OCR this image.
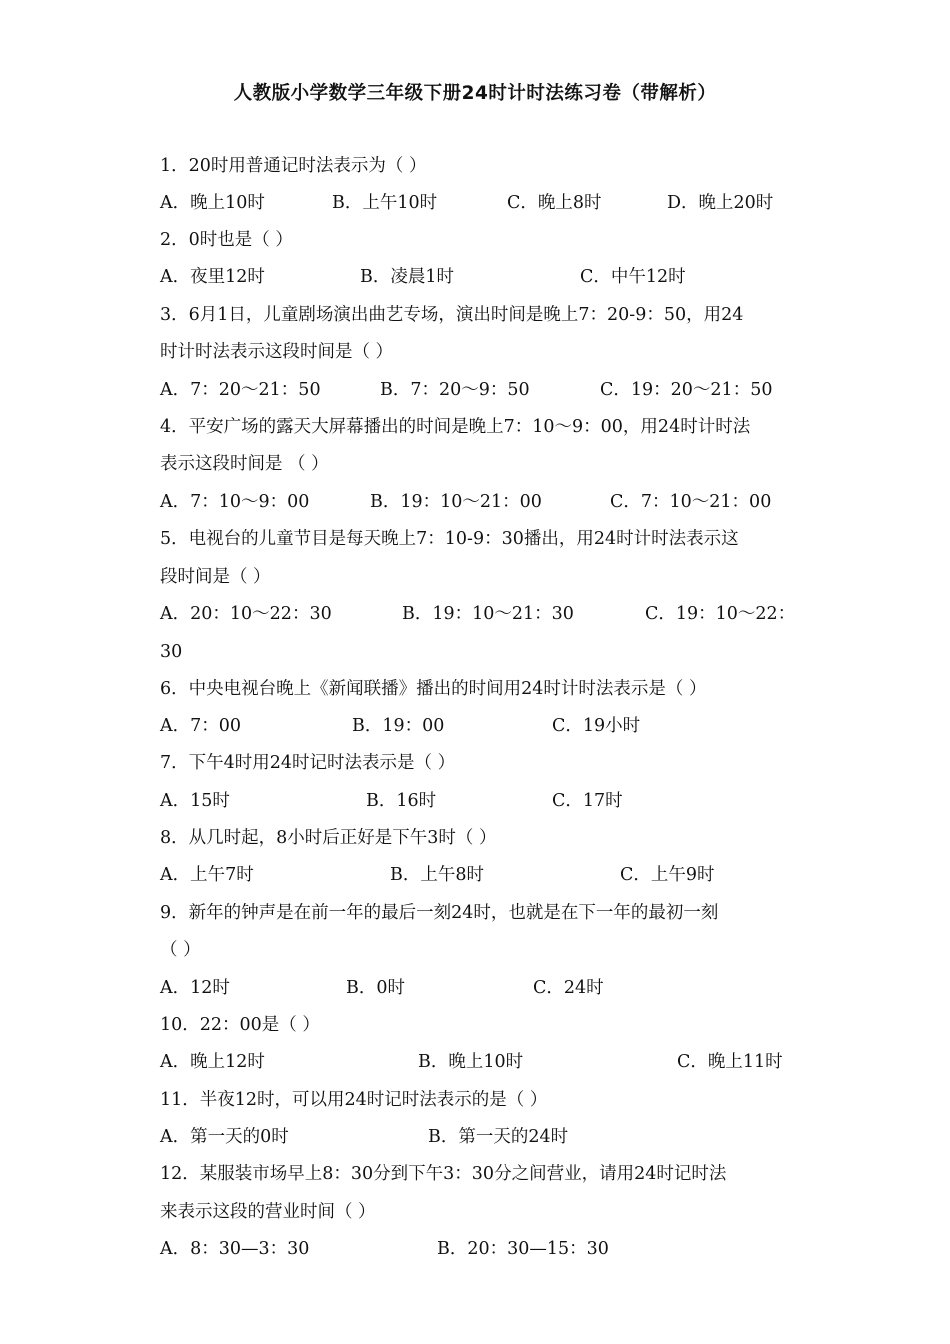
人教版小学数学三年级下册24时计时法练习卷（带解析）
1．20时用普通记时法表示为（ ）
A．晚上10时	B．上午10时	C．晚上8时	D．晚上20时
2．0时也是（ ）
A．夜里12时	B．凌晨1时	C．中午12时
3．6月1日，儿童剧场演出曲艺专场，演出时间是晚上7：20-9：50，用24
时计时法表示这段时间是（ ）
A．7：20～21：50	B．7：20～9：50	C．19：20～21：50
4．平安广场的露天大屏幕播出的时间是晚上7：10～9：00，用24时计时法
表示这段时间是 （ ）
A．7：10～9：00	B．19：10～21：00	C．7：10～21：00
5．电视台的儿童节目是每天晚上7：10-9：30播出，用24时计时法表示这
段时间是（ ）
A．20：10～22：30	B．19：10～21：30	C．19：10～22：
30
6．中央电视台晚上《新闻联播》播出的时间用24时计时法表示是（ ）
A．7：00	B．19：00	C．19小时
7．下午4时用24时记时法表示是（ ）
A．15时	B．16时	C．17时
8．从几时起，8小时后正好是下午3时（ ）
A．上午7时	B．上午8时	C．上午9时
9．新年的钟声是在前一年的最后一刻24时，也就是在下一年的最初一刻
（ ）
A．12时	B．0时	C．24时
10．22：00是（ ）
A．晚上12时	B．晚上10时	C．晚上11时
11．半夜12时，可以用24时记时法表示的是（ ）
A．第一天的0时	B．第一天的24时
12．某服装市场早上8：30分到下午3：30分之间营业，请用24时记时法
来表示这段的营业时间（ ）
A．8：30—3：30	B．20：30—15：30
